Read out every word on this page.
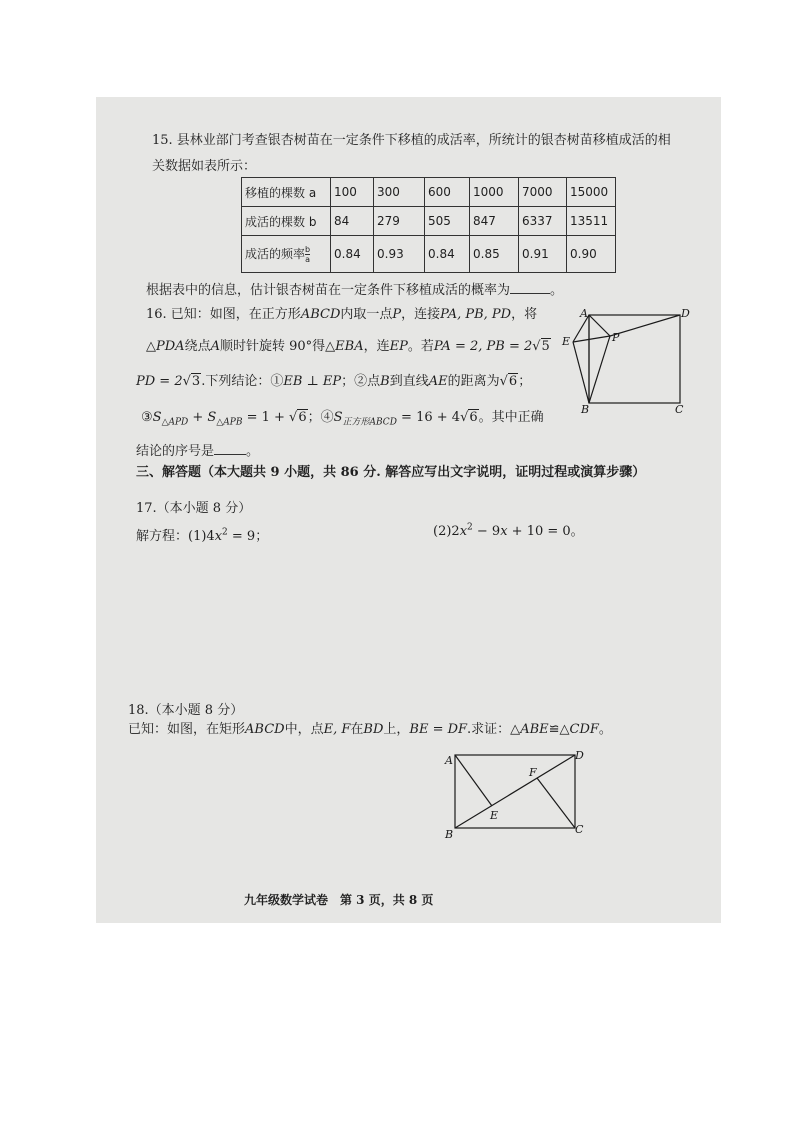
15. 县林业部门考查银杏树苗在一定条件下移植的成活率，所统计的银杏树苗移植成活的相
关数据如表所示：
移植的棵数 a	100	300	600	1000	7000	15000
成活的棵数 b	84	279	505	847	6337	13511
成活的频率 $\frac{b}{a}$	0.84	0.93	0.84	0.85	0.91	0.90
根据表中的信息，估计银杏树苗在一定条件下移植成活的概率为	。
16. 已知：如图，在正方形ABCD内取一点P，连接PA, PB, PD，将
△PDA绕点A顺时针旋转 90°得△EBA，连EP。若PA = 2, PB = 2√5
PD = 2√3.下列结论：①EB ⊥ EP；②点B到直线AE的距离为√6；
$③S_{\triangle APD} + S_{\triangle APB} = 1 + √6$；$④S_{正方形ABCD} = 16 + 4√6$。其中正确
结论的序号是 。
A	D
E	P
B	C
三、解答题（本大题共 9 小题，共 86 分. 解答应写出文字说明，证明过程或演算步骤）
17.（本小题 8 分）
解方程：$(1)4x^2 = 9$；	$(2)2x^2 - 9x + 10 = 0$。
18.（本小题 8 分）
已知：如图，在矩形ABCD中，点E, F在BD上，BE = DF.求证：△ABE≌△CDF。
A	D
F
E
B	C
九年级数学试卷　第 3 页，共 8 页
